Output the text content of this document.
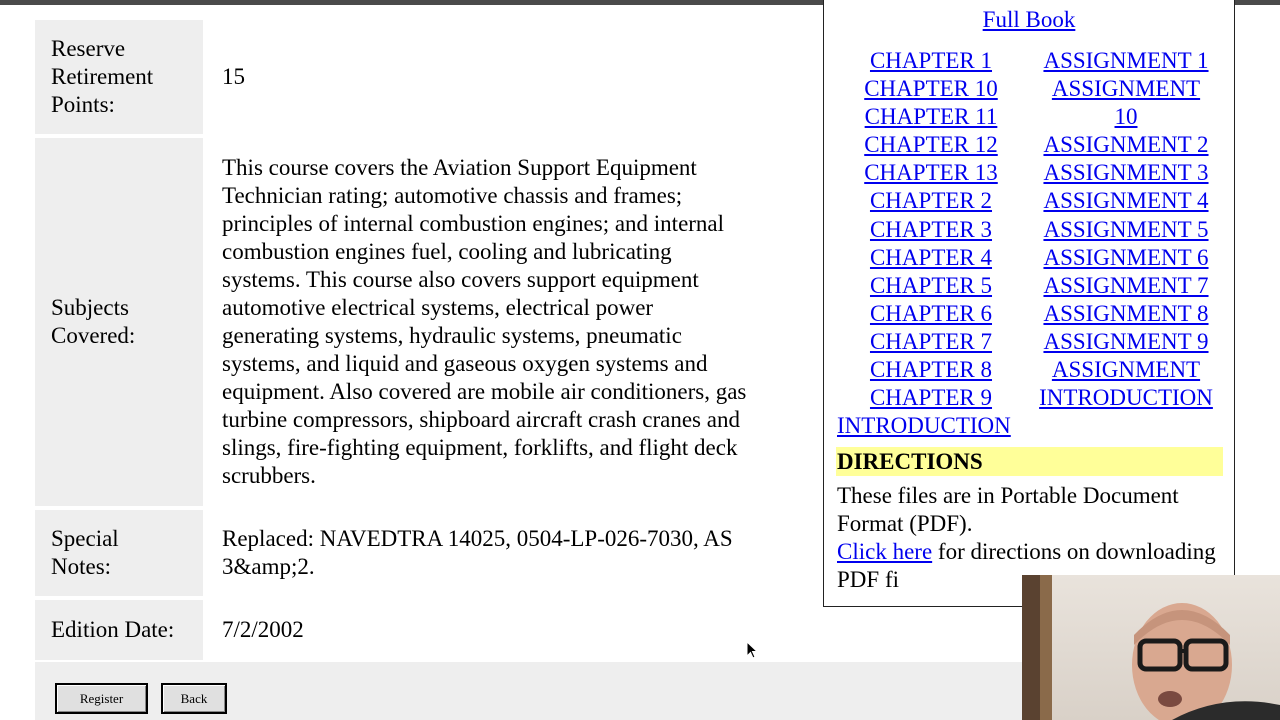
Reserve
Retirement
Points:
15
Subjects
Covered:
This course covers the Aviation Support Equipment
Technician rating; automotive chassis and frames;
principles of internal combustion engines; and internal
combustion engines fuel, cooling and lubricating
systems. This course also covers support equipment
automotive electrical systems, electrical power
generating systems, hydraulic systems, pneumatic
systems, and liquid and gaseous oxygen systems and
equipment. Also covered are mobile air conditioners, gas
turbine compressors, shipboard aircraft crash cranes and
slings, fire-fighting equipment, forklifts, and flight deck
scrubbers.
Special
Notes:
Replaced: NAVEDTRA 14025, 0504-LP-026-7030, AS
3&amp;2.
Edition Date: 7/2/2002
Register	Back
Full Book
CHAPTER 1
CHAPTER 10
CHAPTER 11
CHAPTER 12
CHAPTER 13
CHAPTER 2
CHAPTER 3
CHAPTER 4
CHAPTER 5
CHAPTER 6
CHAPTER 7
CHAPTER 8
CHAPTER 9
ASSIGNMENT 1
ASSIGNMENT
10
ASSIGNMENT 2
ASSIGNMENT 3
ASSIGNMENT 4
ASSIGNMENT 5
ASSIGNMENT 6
ASSIGNMENT 7
ASSIGNMENT 8
ASSIGNMENT 9
ASSIGNMENT
INTRODUCTION
INTRODUCTION
DIRECTIONS
These files are in Portable Document Format (PDF).
Click here for directions on downloading PDF fi
